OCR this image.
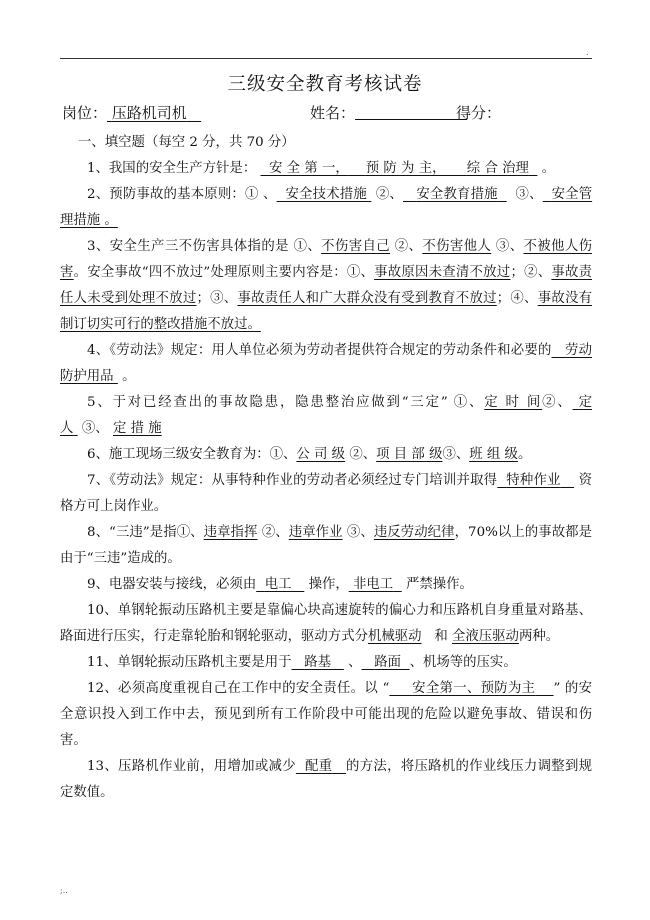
.
三级安全教育考核试卷
岗位： 压路机司机	姓名：	得分：
一、填空题（每空 2 分，共 70 分）

1、我国的安全生产方针是： 安 全 第 一， 预 防 为 主， 综 合 治理 。

2、预防事故的基本原则：① 、 安全技术措施 ②、 安全教育措施 ③、 安全管理措施 。

3、安全生产三不伤害具体指的是 ①、不伤害自己 ②、不伤害他人 ③、不被他人伤害。安全事故“四不放过”处理原则主要内容是：①、事故原因未查清不放过；②、事故责任人未受到处理不放过；③、事故责任人和广大群众没有受到教育不放过；④、事故没有制订切实可行的整改措施不放过。

4、《劳动法》规定：用人单位必须为劳动者提供符合规定的劳动条件和必要的 劳动防护用品 。

5、于对已经查出的事故隐患，隐患整治应做到“三定” ①、定 时 间②、 定 人 ③、 定 措 施

6、施工现场三级安全教育为：①、公 司 级 ②、项 目 部 级③、班 组 级。

7、《劳动法》规定：从事特种作业的劳动者必须经过专门培训并取得 特种作业 资格方可上岗作业。

8、“三违”是指①、违章指挥 ②、违章作业 ③、违反劳动纪律，70%以上的事故都是由于“三违”造成的。

9、电器安装与接线，必须由 电工 操作， 非电工 严禁操作。

10、单钢轮振动压路机主要是靠偏心块高速旋转的偏心力和压路机自身重量对路基、路面进行压实，行走靠轮胎和钢轮驱动，驱动方式分机械驱动 和 全液压驱动两种。

11、单钢轮振动压路机主要是用于 路基 、 路面 、机场等的压实。

12、必须高度重视自己在工作中的安全责任。以 “ 安全第一、预防为主 ” 的安全意识投入到工作中去，预见到所有工作阶段中可能出现的危险以避免事故、错误和伤害。

13、压路机作业前，用增加或减少 配重 的方法，将压路机的作业线压力调整到规定数值。

;..
